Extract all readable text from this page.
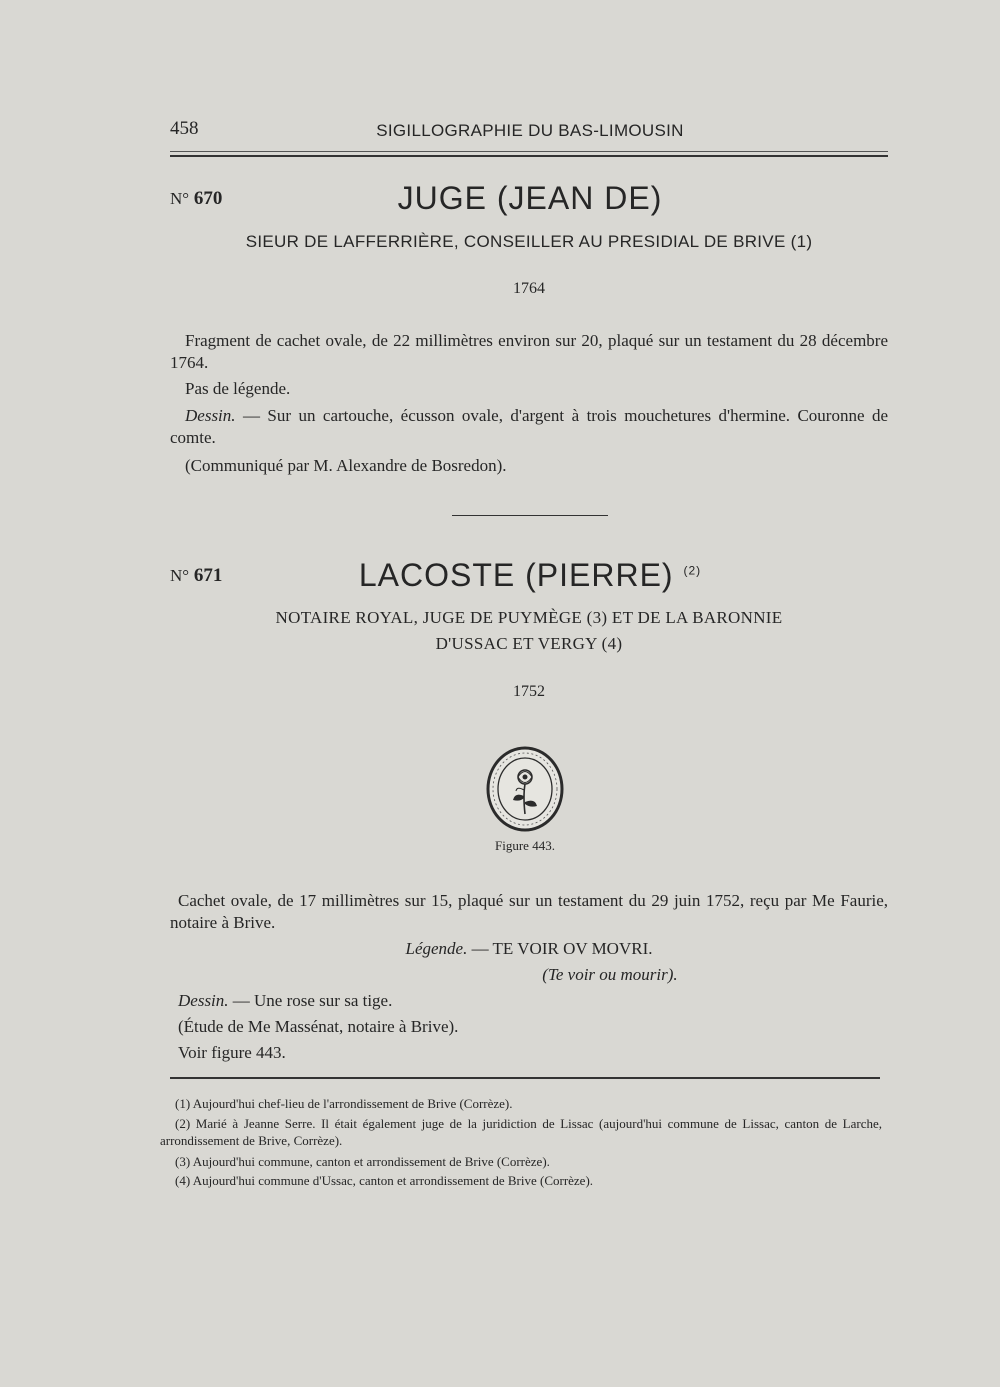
458	SIGILLOGRAPHIE DU BAS-LIMOUSIN
N° 670	JUGE (JEAN DE)
SIEUR DE LAFFERRIÈRE, CONSEILLER AU PRESIDIAL DE BRIVE (1)
1764
Fragment de cachet ovale, de 22 millimètres environ sur 20, plaqué sur un testament du 28 décembre 1764.
Pas de légende.
Dessin. — Sur un cartouche, écusson ovale, d'argent à trois mouchetures d'hermine. Couronne de comte.
(Communiqué par M. Alexandre de Bosredon).
N° 671	LACOSTE (PIERRE) $^{(2)}$
NOTAIRE ROYAL, JUGE DE PUYMÈGE (3) ET DE LA BARONNIE
D'USSAC ET VERGY (4)
1752
Figure 443.
Cachet ovale, de 17 millimètres sur 15, plaqué sur un testament du 29 juin 1752, reçu par Me Faurie, notaire à Brive.
Légende. — TE VOIR OV MOVRI.
(Te voir ou mourir).
Dessin. — Une rose sur sa tige.
(Étude de Me Massénat, notaire à Brive).
Voir figure 443.
(1) Aujourd'hui chef-lieu de l'arrondissement de Brive (Corrèze).
(2) Marié à Jeanne Serre. Il était également juge de la juridiction de Lissac (aujourd'hui commune de Lissac, canton de Larche, arrondissement de Brive, Corrèze).
(3) Aujourd'hui commune, canton et arrondissement de Brive (Corrèze).
(4) Aujourd'hui commune d'Ussac, canton et arrondissement de Brive (Corrèze).
